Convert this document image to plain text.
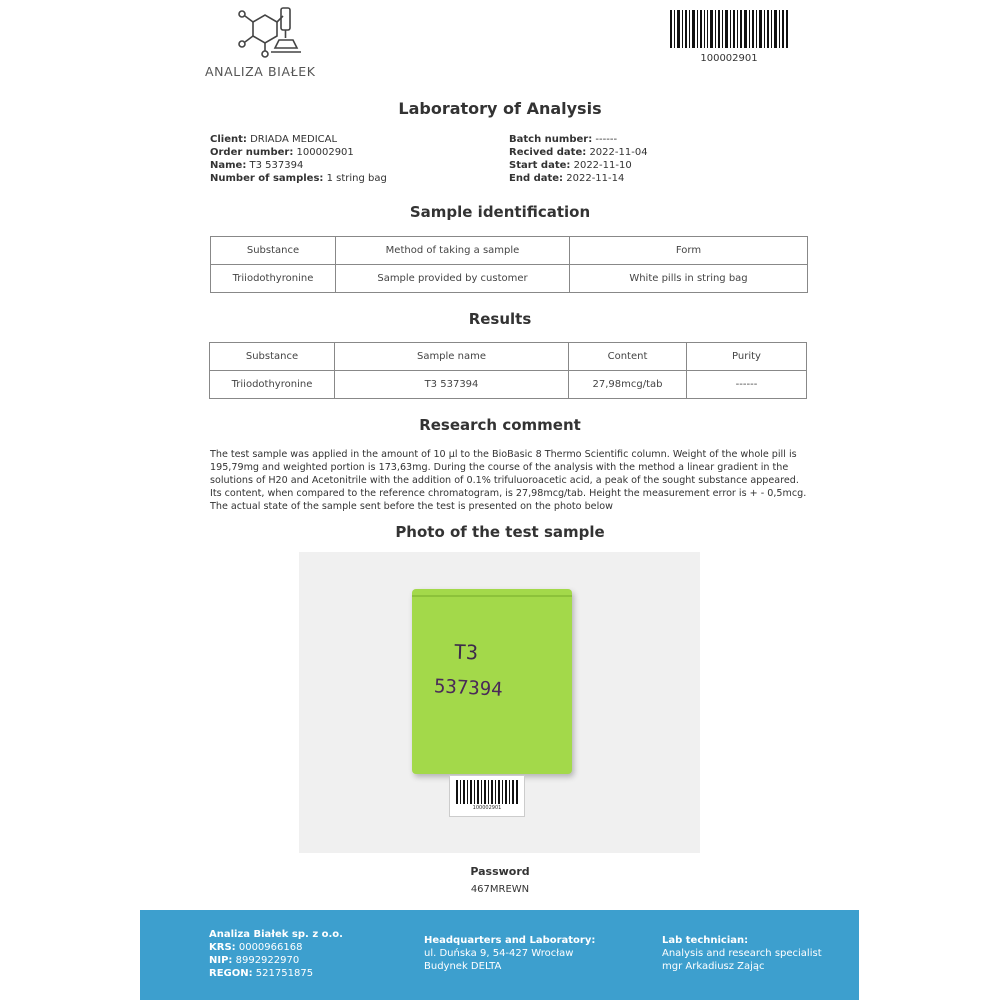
ANALIZA BIAŁEK
100002901
Laboratory of Analysis
Client: DRIADA MEDICAL
Order number: 100002901
Name: T3 537394
Number of samples: 1 string bag
Batch number: ------
Recived date: 2022-11-04
Start date: 2022-11-10
End date: 2022-11-14
Sample identification
Substance	Method of taking a sample	Form
Triiodothyronine	Sample provided by customer	White pills in string bag
Results
Substance	Sample name	Content	Purity
Triiodothyronine	T3 537394	27,98mcg/tab	------
Research comment
The test sample was applied in the amount of 10 µl to the BioBasic 8 Thermo Scientific column. Weight of the whole pill is
195,79mg and weighted portion is 173,63mg. During the course of the analysis with the method a linear gradient in the
solutions of H20 and Acetonitrile with the addition of 0.1% trifuluoroacetic acid, a peak of the sought substance appeared.
Its content, when compared to the reference chromatogram, is 27,98mcg/tab. Height the measurement error is + - 0,5mcg.
The actual state of the sample sent before the test is presented on the photo below
Photo of the test sample
T3
537394
100002901
Password
467MREWN
Analiza Białek sp. z o.o.
KRS: 0000966168
NIP: 8992922970
REGON: 521751875
Headquarters and Laboratory:
ul. Duńska 9, 54-427 Wrocław
Budynek DELTA
Lab technician:
Analysis and research specialist
mgr Arkadiusz Zając
